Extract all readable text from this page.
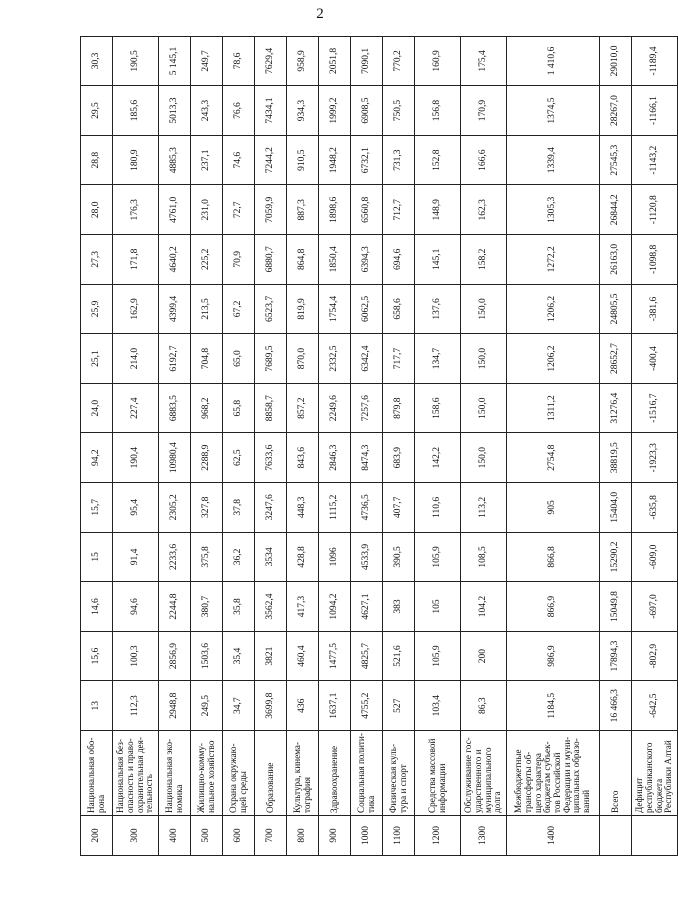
2
200	Национальная обо-рона	13	15,6	14,6	15	15,7	94,2	24,0	25,1	25,9	27,3	28,0	28,8	29,5	30,3
300	Национальная без-опасность и право-охранительная дея-тельность	112,3	100,3	94,6	91,4	95,4	190,4	227,4	214,0	162,9	171,8	176,3	180,9	185,6	190,5
400	Национальная эко-номика	2948,8	2856,9	2244,8	2233,6	2305,2	10980,4	6883,5	6192,7	4399,4	4640,2	4761,0	4885,3	5013,3	5 145,1
500	Жилищно-комму-нальное хозяйство	249,5	1503,6	380,7	375,8	327,8	2288,9	968,2	704,8	213,5	225,2	231,0	237,1	243,3	249,7
600	Охрана окружаю-щей среды	34,7	35,4	35,8	36,2	37,8	62,5	65,8	65,0	67,2	70,9	72,7	74,6	76,6	78,6
700	Образование	3699,8	3821	3562,4	3534	3247,6	7633,6	8858,7	7689,5	6523,7	6880,7	7059,9	7244,2	7434,1	7629,4
800	Культура, кинема-тография	436	460,4	417,3	428,8	448,3	843,6	857,2	870,0	819,9	864,8	887,3	910,5	934,3	958,9
900	Здравоохранение	1637,1	1477,5	1094,2	1096	1115,2	2846,3	2249,6	2332,5	1754,4	1850,4	1898,6	1948,2	1999,2	2051,8
1000	Социальная полити-тика	4755,2	4825,7	4627,1	4533,9	4736,5	8474,3	7257,6	6342,4	6062,5	6394,3	6560,8	6732,1	6908,5	7090,1
1100	Физическая куль-тура и спорт	527	521,6	383	390,5	407,7	683,9	879,8	717,7	658,6	694,6	712,7	731,3	750,5	770,2
1200	Средства массовой информации	103,4	105,9	105	105,9	110,6	142,2	158,6	134,7	137,6	145,1	148,9	152,8	156,8	160,9
1300	Обслуживание гос-ударственного и муниципального долга	86,3	200	104,2	108,5	113,2	150,0	150,0	150,0	150,0	158,2	162,3	166,6	170,9	175,4
1400	Межбюджетные трансферты об-щего характера бюджетам субъек-тов Российской Федерации и муни-ципальных образо-ваний	1184,5	986,9	866,9	866,8	905	2754,8	1311,2	1206,2	1206,2	1272,2	1305,3	1339,4	1374,5	1 410,6
	Всего	16 466,3	17894,3	15049,8	15290,2	15404,0	38819,5	31276,4	28652,7	24805,5	26163,0	26844,2	27545,3	28267,0	29010,0
	Дефицит республиканского бюджета Республики Алтай	-642,5	-802,9	-697,0	-609,0	-635,8	-1923,3	-1516,7	-400,4	-381,6	-1098,8	-1120,8	-1143,2	-1166,1	-1189,4
